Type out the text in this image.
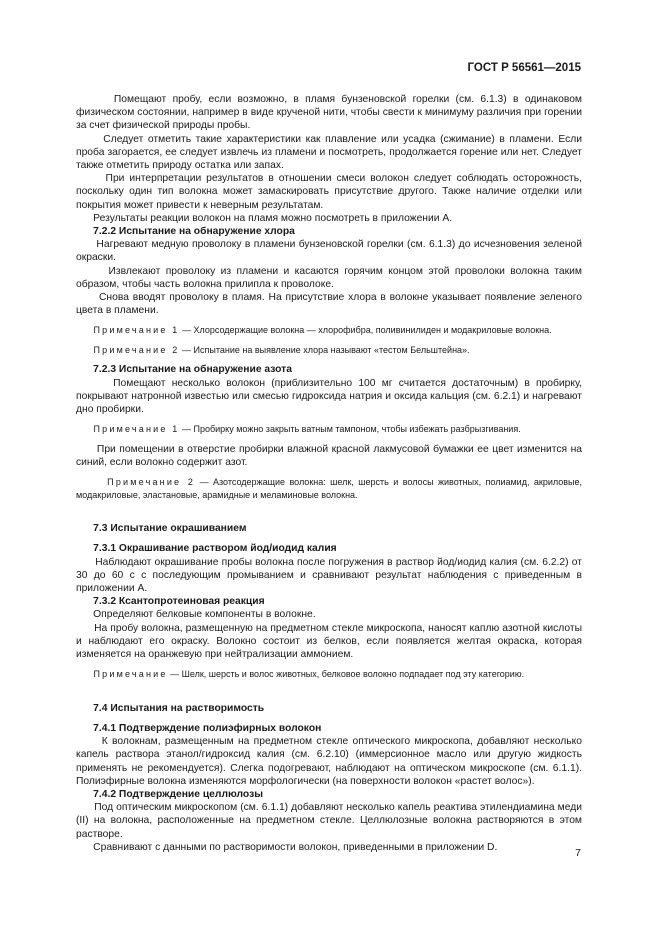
ГОСТ Р 56561—2015

Помещают пробу, если возможно, в пламя бунзеновской горелки (см. 6.1.3) в одинаковом физическом состоянии, например в виде крученой нити, чтобы свести к минимуму различия при горении за счет физической природы пробы.

Следует отметить такие характеристики как плавление или усадка (сжимание) в пламени. Если проба загорается, ее следует извлечь из пламени и посмотреть, продолжается горение или нет. Следует также отметить природу остатка или запах.

При интерпретации результатов в отношении смеси волокон следует соблюдать осторожность, поскольку один тип волокна может замаскировать присутствие другого. Также наличие отделки или покрытия может привести к неверным результатам.

Результаты реакции волокон на пламя можно посмотреть в приложении А.

7.2.2 Испытание на обнаружение хлора

Нагревают медную проволоку в пламени бунзеновской горелки (см. 6.1.3) до исчезновения зеленой окраски.

Извлекают проволоку из пламени и касаются горячим концом этой проволоки волокна таким образом, чтобы часть волокна прилипла к проволоке.

Снова вводят проволоку в пламя. На присутствие хлора в волокне указывает появление зеленого цвета в пламени.

Примечание 1 — Хлорсодержащие волокна — хлорофибра, поливинилиден и модакриловые волокна.

Примечание 2 — Испытание на выявление хлора называют «тестом Бельштейна».

7.2.3 Испытание на обнаружение азота

Помещают несколько волокон (приблизительно 100 мг считается достаточным) в пробирку, покрывают натронной известью или смесью гидроксида натрия и оксида кальция (см. 6.2.1) и нагревают дно пробирки.

Примечание 1 — Пробирку можно закрыть ватным тампоном, чтобы избежать разбрызгивания.

При помещении в отверстие пробирки влажной красной лакмусовой бумажки ее цвет изменится на синий, если волокно содержит азот.

Примечание 2 — Азотсодержащие волокна: шелк, шерсть и волосы животных, полиамид, акриловые, модакриловые, эластановые, арамидные и меламиновые волокна.

7.3 Испытание окрашиванием
7.3.1 Окрашивание раствором йод/иодид калия

Наблюдают окрашивание пробы волокна после погружения в раствор йод/иодид калия (см. 6.2.2) от 30 до 60 с с последующим промыванием и сравнивают результат наблюдения с приведенным в приложении А.

7.3.2 Ксантопротеиновая реакция

Определяют белковые компоненты в волокне.

На пробу волокна, размещенную на предметном стекле микроскопа, наносят каплю азотной кислоты и наблюдают его окраску. Волокно состоит из белков, если появляется желтая окраска, которая изменяется на оранжевую при нейтрализации аммонием.

Примечание — Шелк, шерсть и волос животных, белковое волокно подпадает под эту категорию.

7.4 Испытания на растворимость
7.4.1 Подтверждение полиэфирных волокон

К волокнам, размещенным на предметном стекле оптического микроскопа, добавляют несколько капель раствора этанол/гидроксид калия (см. 6.2.10) (иммерсионное масло или другую жидкость применять не рекомендуется). Слегка подогревают, наблюдают на оптическом микроскопе (см. 6.1.1). Полиэфирные волокна изменяются морфологически (на поверхности волокон «растет волос»).

7.4.2 Подтверждение целлюлозы

Под оптическим микроскопом (см. 6.1.1) добавляют несколько капель реактива этилендиамина меди (II) на волокна, расположенные на предметном стекле. Целлюлозные волокна растворяются в этом растворе.

Сравнивают с данными по растворимости волокон, приведенными в приложении D.	7
